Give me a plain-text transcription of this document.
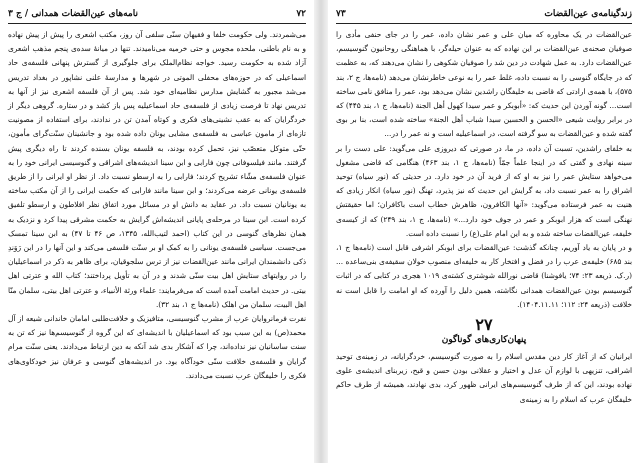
۷۲
نامه‌های عین‌القضات همدانی / ج ۳

می‌شمردند. ولی حکومت خلفا و فقیهان سنّی سلفی آن روز، مکتب اشعری را پیش از پیش نهاده و به نام باطنی، ملحده مجوس و حتی خرمیه می‌نامیدند. تنها در میانهٔ سده‌ی پنجم مذهب اشعری آزاد شده به حکومت رسید. خواجه نظام‌الملک برای جلوگیری از گسترش پنهانی فلسفه‌ی حاد اسماعیلی که در حوزه‌های محفلی الموتی در شهرها و مدارسهٔ علنی نشاپور در بغداد تدریس می‌شد مجبور به گشایش مدارس نظامیه‌ای خود شد. پس از آن فلسفه اشعری نیز از آنها به تدریس نهاد تا فرصت زیادی از فلسفه‌ی حاد اسماعیلیه پس باز کشد و در ستاره. گروهی دیگر از خردگرایان که به عقب نشینی‌های فکری و کوتاه آمدن تن در ندادند، برای استفاده از مصونیت تازه‌ای از مامون عباسی به فلسفه‌ی مشایی یونان داده شده بود و جانشینان سنّت‌گرای مأمون، حتّی متوکل متعصّب نیز، تحمل کرده بودند، به فلسفه یونان بسنده کردند تا راه دیگری پیش گرفتند. مانند فیلسوفانی چون فارابی و ابن سینا اندیشه‌های اشراقی و گنوسیسی ایرانی خود را به عنوان فلسفه‌ی مشّاء تشریح کردند؛ فارابی را به ارسطو نسبت داد. از نظر او ایرانی را از طریق فلسفه‌ی یونانی عرضه می‌کردند؛ و ابن سینا مانند فارابی که حکمت ایرانی را از آن مکتب ساخته به یونانیان نسبت داد. در عقاید به دانش او در مسائل مورد اتفاق نظر افلاطون و ارسطو تلفیق کرده است. ابن سینا در مرحله‌ی پایانی اندیشه‌اش گرایش به حکمت مشرقی پیدا کرد و نزدیک به همان نظرهای گنوسی در این کتاب (احمد لتیب‌الله، ۱۳۴۵، ص ۴۶ تا ۴۷) به ابن سینا تمسک می‌جست. سیاسی فلسفه‌ی یونانی را به کمک او بر سنّت فلسفی می‌کند و این آنها را در ابن رَوَندِ ذکی دانشمندان ایرانی مانند عین‌القضات نیز از ترس سلجوقیان، برای ظاهر به ذکر در اسماعیلیان را در روایتهای ستایش اهل بیت سنّی شدند و در آن به تأویل پرداختند؛ کتاب الله و عترتی اهل بیتی. در حدیث امامت آمده است که می‌فرمایند: علماء ورثة الأنبياء، و عترتی اهل بیتی، سلمان منّا اهل البیت، سلمان من اهلک (نامه‌ها ج ۱، بند ۳۲).

نفرت فرمانروایان عرب از مشرب گنوسیسی، متافیزیک و خلافت‌طلبی امامان خاندانی شیعه از آل محمد(ص) به این سبب بود که اسماعیلیان با اندیشه‌ای که این گروه از گنوسیسم‌ها نیز که تن به سنت ساسانیان نیز نداده‌اند، چرا که آشکار بدی شد آنکه به دین ارتباط می‌دادند. یعنی سنّت مرام گرایان و فلسفه‌ی خلافت سنّی خودآگاه بود. در اندیشه‌های گنوسی و عرفان نیز خودکاوی‌های فکری را خلیفگان عرب نسبت می‌دادند.

زندگینامه‌ی عین‌القضات
۷۳

عین‌القضات در یک محاوره که میان علی و عمر نشان داده، عمر را در جای حنفی مأدی را صوفیان صحنه‌ی عین‌القضات بر این نهاده که به عنوان حیله‌گر، با هماهنگی روحانیون گنوسیسم، عین‌القضات دارد. به عمل شهادت در دین شد را صوفیان شکوهی را نشان می‌دهند که، به عظمت که در جایگاه گنوسی را به نسبت داده، غلط عمر را به نوعی خاطر‌نشان می‌دهد (نامه‌ها، ج ۲، بند ۵۷۵)، با همه‌ی ارادتی که قاضی به خلیفگان راشدین نشان می‌دهد بود، عمر را منافق نامی ساخته است... گونه آوردن این حدیث که: «أبوبکر و عمر سیدا کهول أهل الجنة (نامه‌ها، ج ۱، بند ۴۴۵) که در برابر روایت شیعی «الحسن و الحسین سیدا شباب أهل الجنة» ساخته شده است، بنا بر بوی گفته شده و عین‌القضات به سو گرفته است، در اسماعیلیه است و نه عمر را در...

به خلفای راشدین، تسبت آن داده، در ما، در صورتی که دیروزی علی می‌گوید: علی دست را بر سینه نهادی و گفتی که در اینجا علماً جمّاً (نامه‌ها، ج ۱، بند ۴۶۳) هنگامی که قاضی مشغول می‌خواهد ستایش عمر را نیز به او که از فرید آن در خود دارد. در حدیثی که (نور سیاه) توحید اشراق را به عمر نسبت داد، به گرایش این حدیث که نیز پذیرد، تهنگ (نور سیاه) انکار زیادی که هنیت به عمر فرستاده می‌گوید: «آنها الکافرون، ظاهرش خطاب است باکافران؛ اما حقیقتش نهنگی است که هزار ابوبکر و عمر در جوف خود دارد...» (نامه‌ها، ج ۱، بند ۲۴۹) که از کیسه‌ی خلیفه، عین‌القضات ساخته شده و به این امام علی(ع) را نسبت داده است.

و در پایان به یاد آوریم، چنانکه گذشت: عین‌القضات برای ابوبکر اشرفی قابل است (نامه‌ها ج ۱، بند ۶۸۵) خلیفه‌ی عرب را در فضل و افتخار کار به خلیفه‌ای منصوب خولان سقیفه‌ی بنی‌ساعده ... (ر.ک. ذریعه ۲۳: ۷۴؛ یافوشنا) قاضی نورالله شوشتری کشته‌ی ۱۰۱۹ هجری در کتابی که در اثبات گنوسیسم بودن عین‌القضات همدانی نگاشته، همین دلیل را آورده که او امامت را قابل است نه خلافت (ذریعه ۲۴: ۱۱۲؛ ۱۴۰۴.۱۱.۱۱).

۲۷
پنهان‌کاری‌های گوناگون

ایرانیان که از آغاز کار دین مقدس اسلام را به صورت گنوسیسم، خردگرایانه، در زمینه‌ی توحید اشراقی، تنزیهی با لوازم آن عدل و اختیار و عقلانی بودن حسن و قبح، زیربنای اندیشه‌ی علوی نهاده بودند، این که از طرف گنوسیسم‌های ایرانی ظهور کرد، بدی نهادند، همیشه از طرف حاکم خلیفگان عرب که اسلام را به زمینه‌ی
